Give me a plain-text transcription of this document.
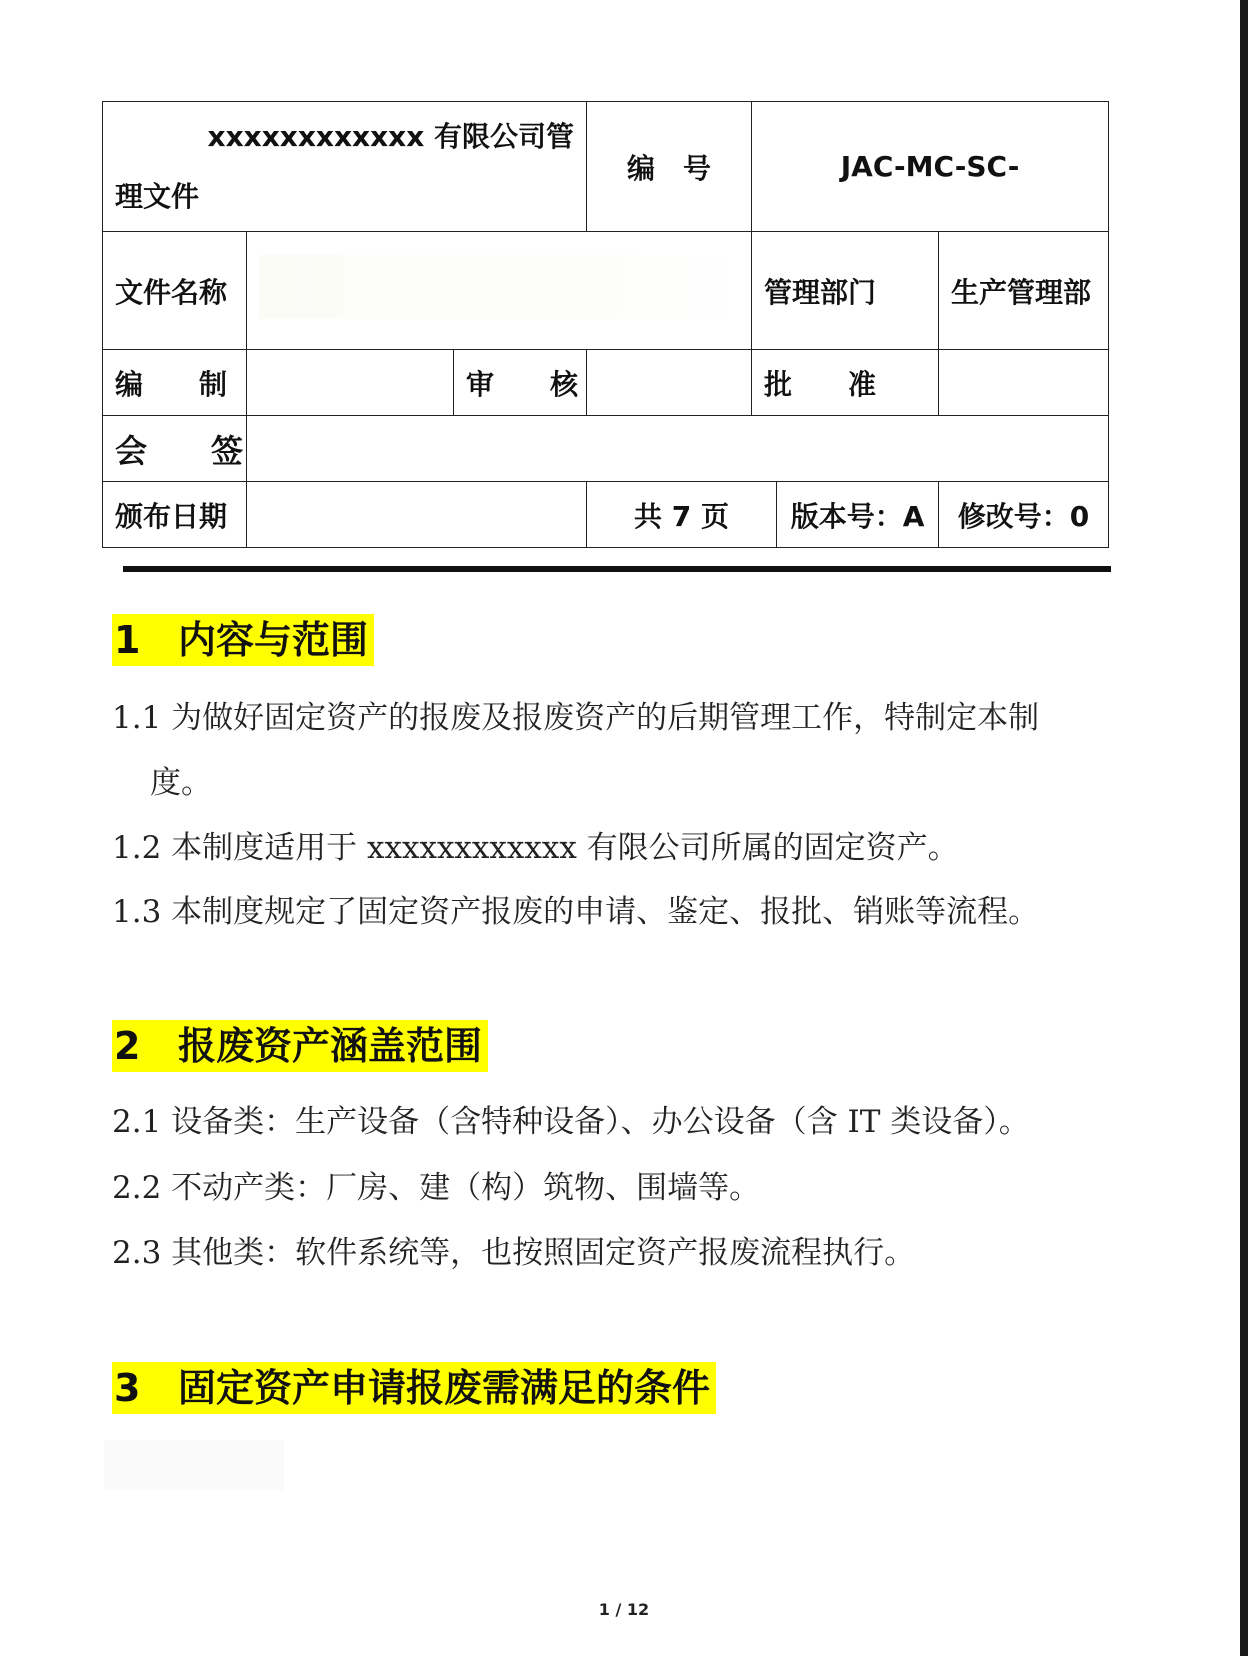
xxxxxxxxxxxx 有限公司管
理文件			编　号	JAC-MC-SC-		
文件名称				管理部门		生产管理部
编　　制		审　　核		批　　准		
会　　签						
颁布日期			共 7 页		版本号：A	修改号：0
1 内容与范围
1.1 为做好固定资产的报废及报废资产的后期管理工作，特制定本制
度。
1.2 本制度适用于 xxxxxxxxxxxx 有限公司所属的固定资产。
1.3 本制度规定了固定资产报废的申请、鉴定、报批、销账等流程。
2 报废资产涵盖范围
2.1 设备类：生产设备（含特种设备）、办公设备（含 IT 类设备）。
2.2 不动产类：厂房、建（构）筑物、围墙等。
2.3 其他类：软件系统等，也按照固定资产报废流程执行。
3 固定资产申请报废需满足的条件
1 / 12
